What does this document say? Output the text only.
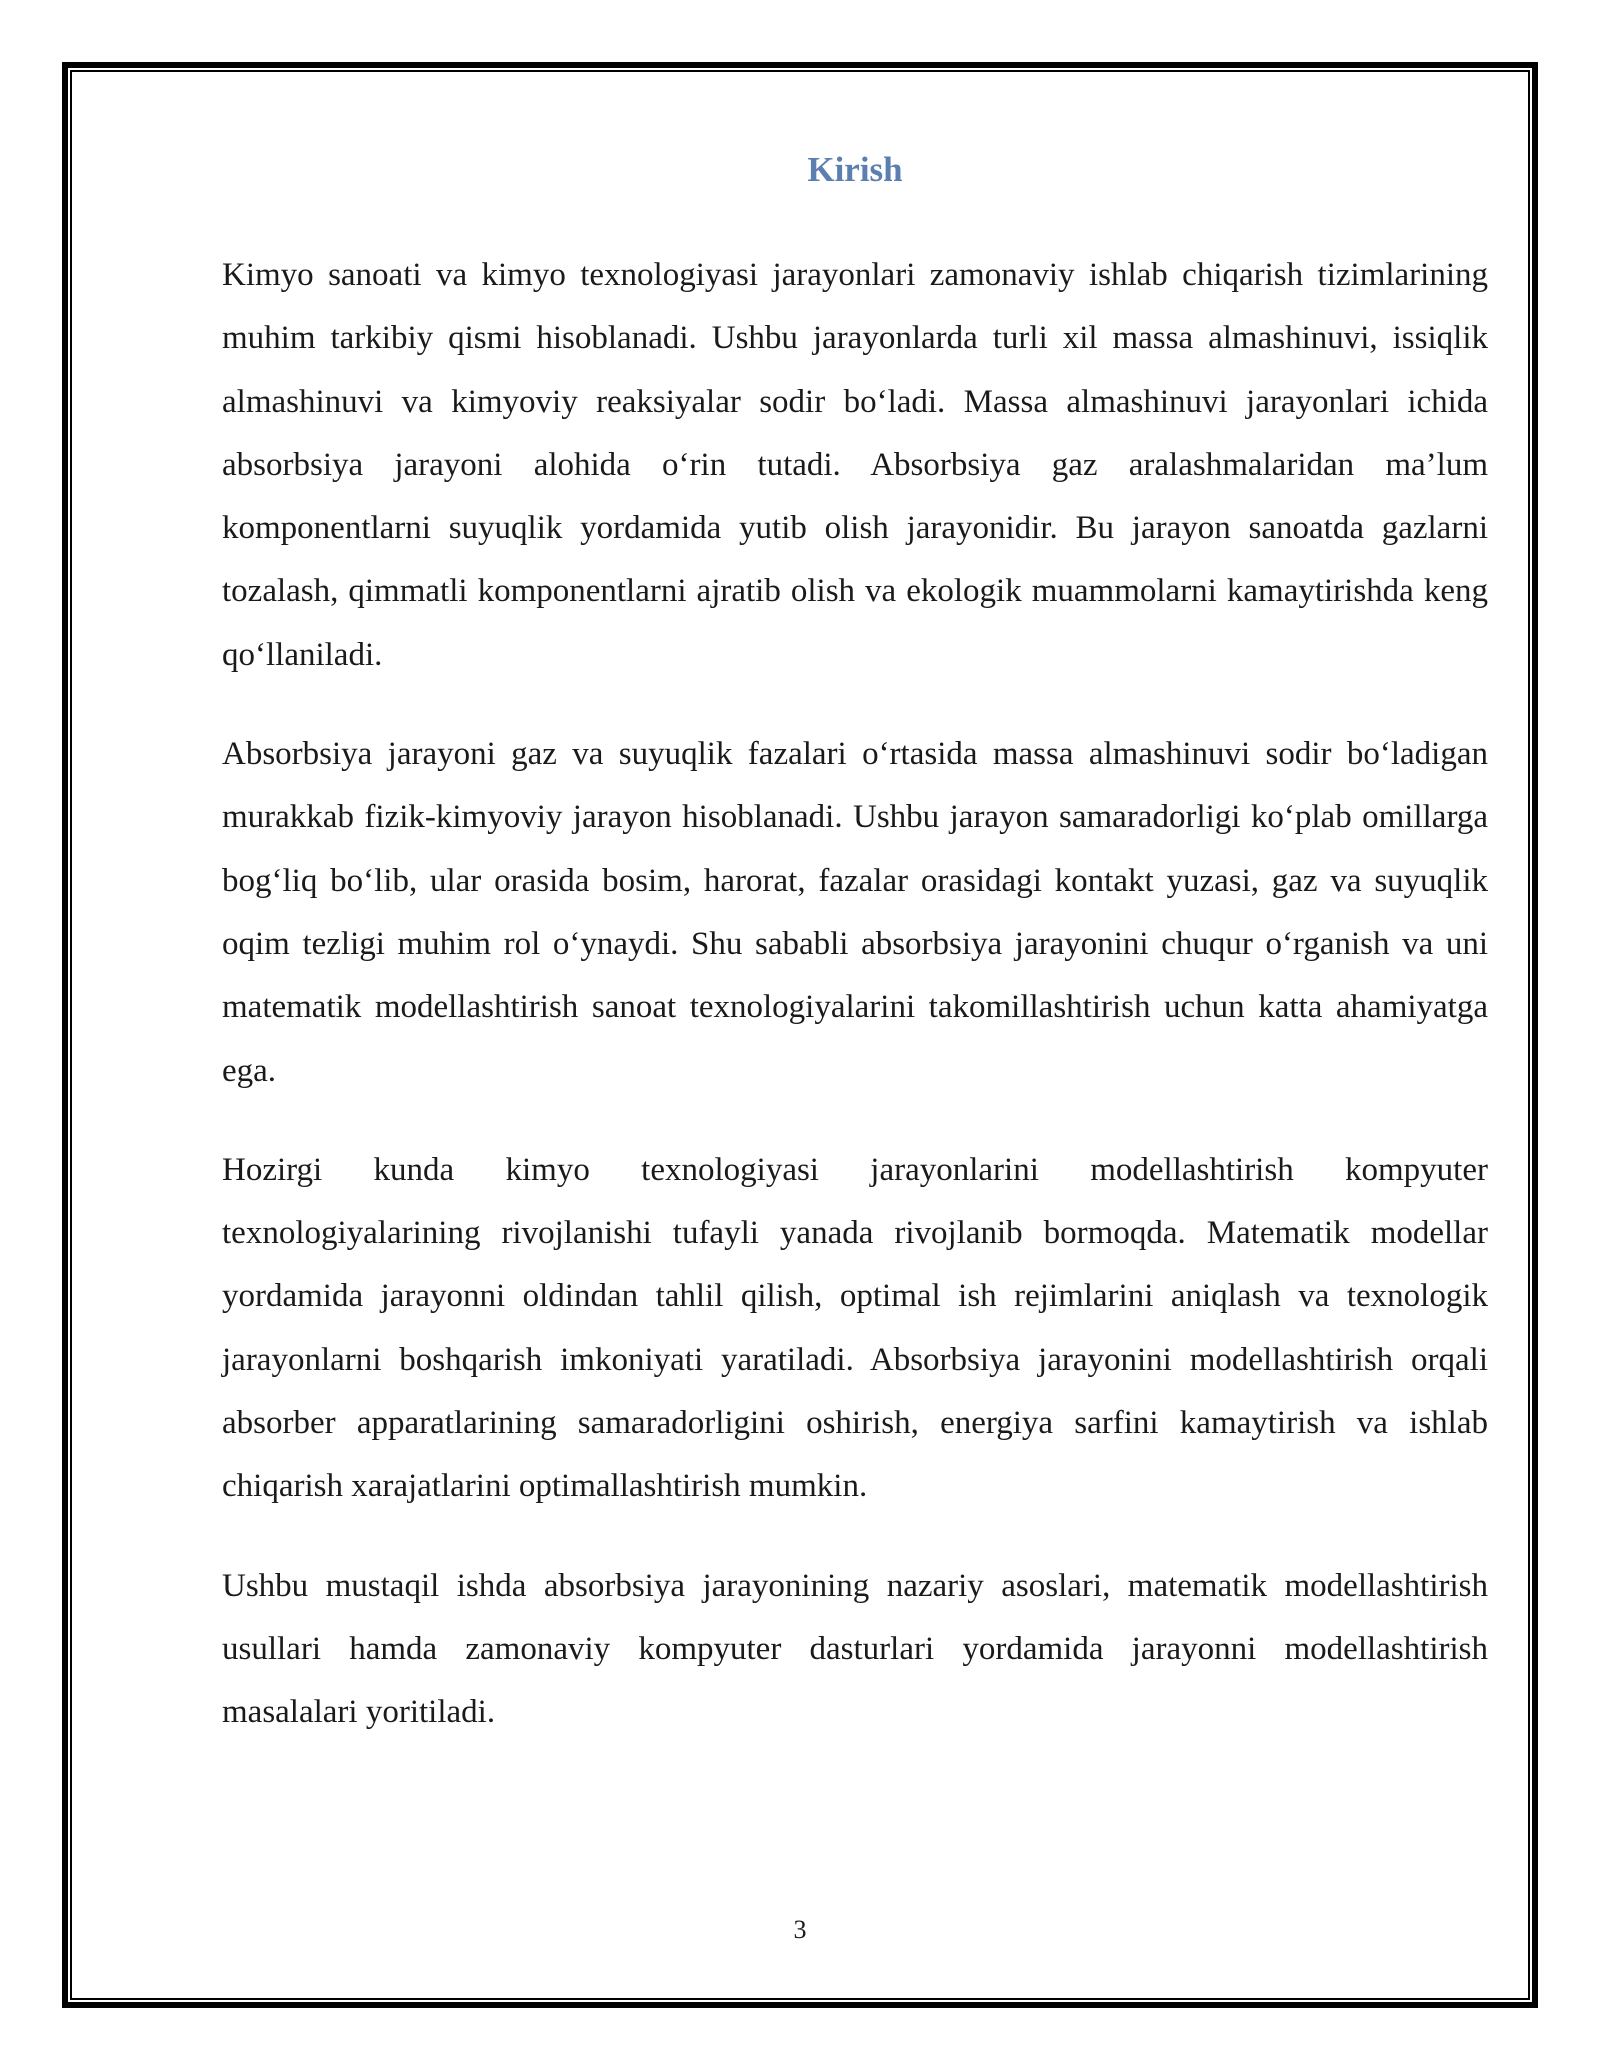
Kirish

Kimyo sanoati va kimyo texnologiyasi jarayonlari zamonaviy ishlab chiqarish tizimlarining muhim tarkibiy qismi hisoblanadi. Ushbu jarayonlarda turli xil massa almashinuvi, issiqlik almashinuvi va kimyoviy reaksiyalar sodir bo‘ladi. Massa almashinuvi jarayonlari ichida absorbsiya jarayoni alohida o‘rin tutadi. Absorbsiya gaz aralashmalaridan ma’lum komponentlarni suyuqlik yordamida yutib olish jarayonidir. Bu jarayon sanoatda gazlarni tozalash, qimmatli komponentlarni ajratib olish va ekologik muammolarni kamaytirishda keng qo‘llaniladi.

Absorbsiya jarayoni gaz va suyuqlik fazalari o‘rtasida massa almashinuvi sodir bo‘ladigan murakkab fizik-kimyoviy jarayon hisoblanadi. Ushbu jarayon samaradorligi ko‘plab omillarga bog‘liq bo‘lib, ular orasida bosim, harorat, fazalar orasidagi kontakt yuzasi, gaz va suyuqlik oqim tezligi muhim rol o‘ynaydi. Shu sababli absorbsiya jarayonini chuqur o‘rganish va uni matematik modellashtirish sanoat texnologiyalarini takomillashtirish uchun katta ahamiyatga ega.

Hozirgi kunda kimyo texnologiyasi jarayonlarini modellashtirish kompyuter texnologiyalarining rivojlanishi tufayli yanada rivojlanib bormoqda. Matematik modellar yordamida jarayonni oldindan tahlil qilish, optimal ish rejimlarini aniqlash va texnologik jarayonlarni boshqarish imkoniyati yaratiladi. Absorbsiya jarayonini modellashtirish orqali absorber apparatlarining samaradorligini oshirish, energiya sarfini kamaytirish va ishlab chiqarish xarajatlarini optimallashtirish mumkin.

Ushbu mustaqil ishda absorbsiya jarayonining nazariy asoslari, matematik modellashtirish usullari hamda zamonaviy kompyuter dasturlari yordamida jarayonni modellashtirish masalalari yoritiladi.

3
